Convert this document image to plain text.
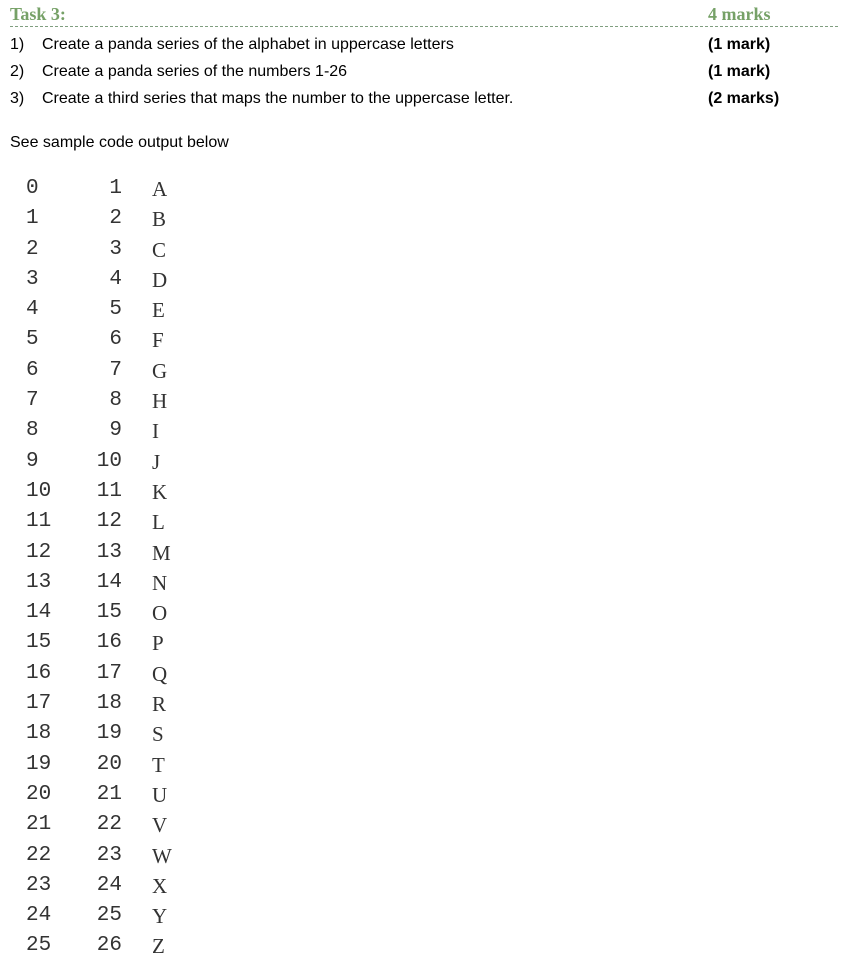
Task 3:	4 marks
1) Create a panda series of the alphabet in uppercase letters	(1 mark)
2) Create a panda series of the numbers 1-26	(1 mark)
3) Create a third series that maps the number to the uppercase letter.	(2 marks)
See sample code output below
0	1 A
1	2 B
2	3 C
3	4 D
4	5 E
5	6 F
6	7 G
7	8 H
8	9 I
9	10 J
10	11 K
11	12 L
12	13 M
13	14 N
14	15 O
15	16 P
16	17 Q
17	18 R
18	19 S
19	20 T
20	21 U
21	22 V
22	23 W
23	24 X
24	25 Y
25	26 Z
